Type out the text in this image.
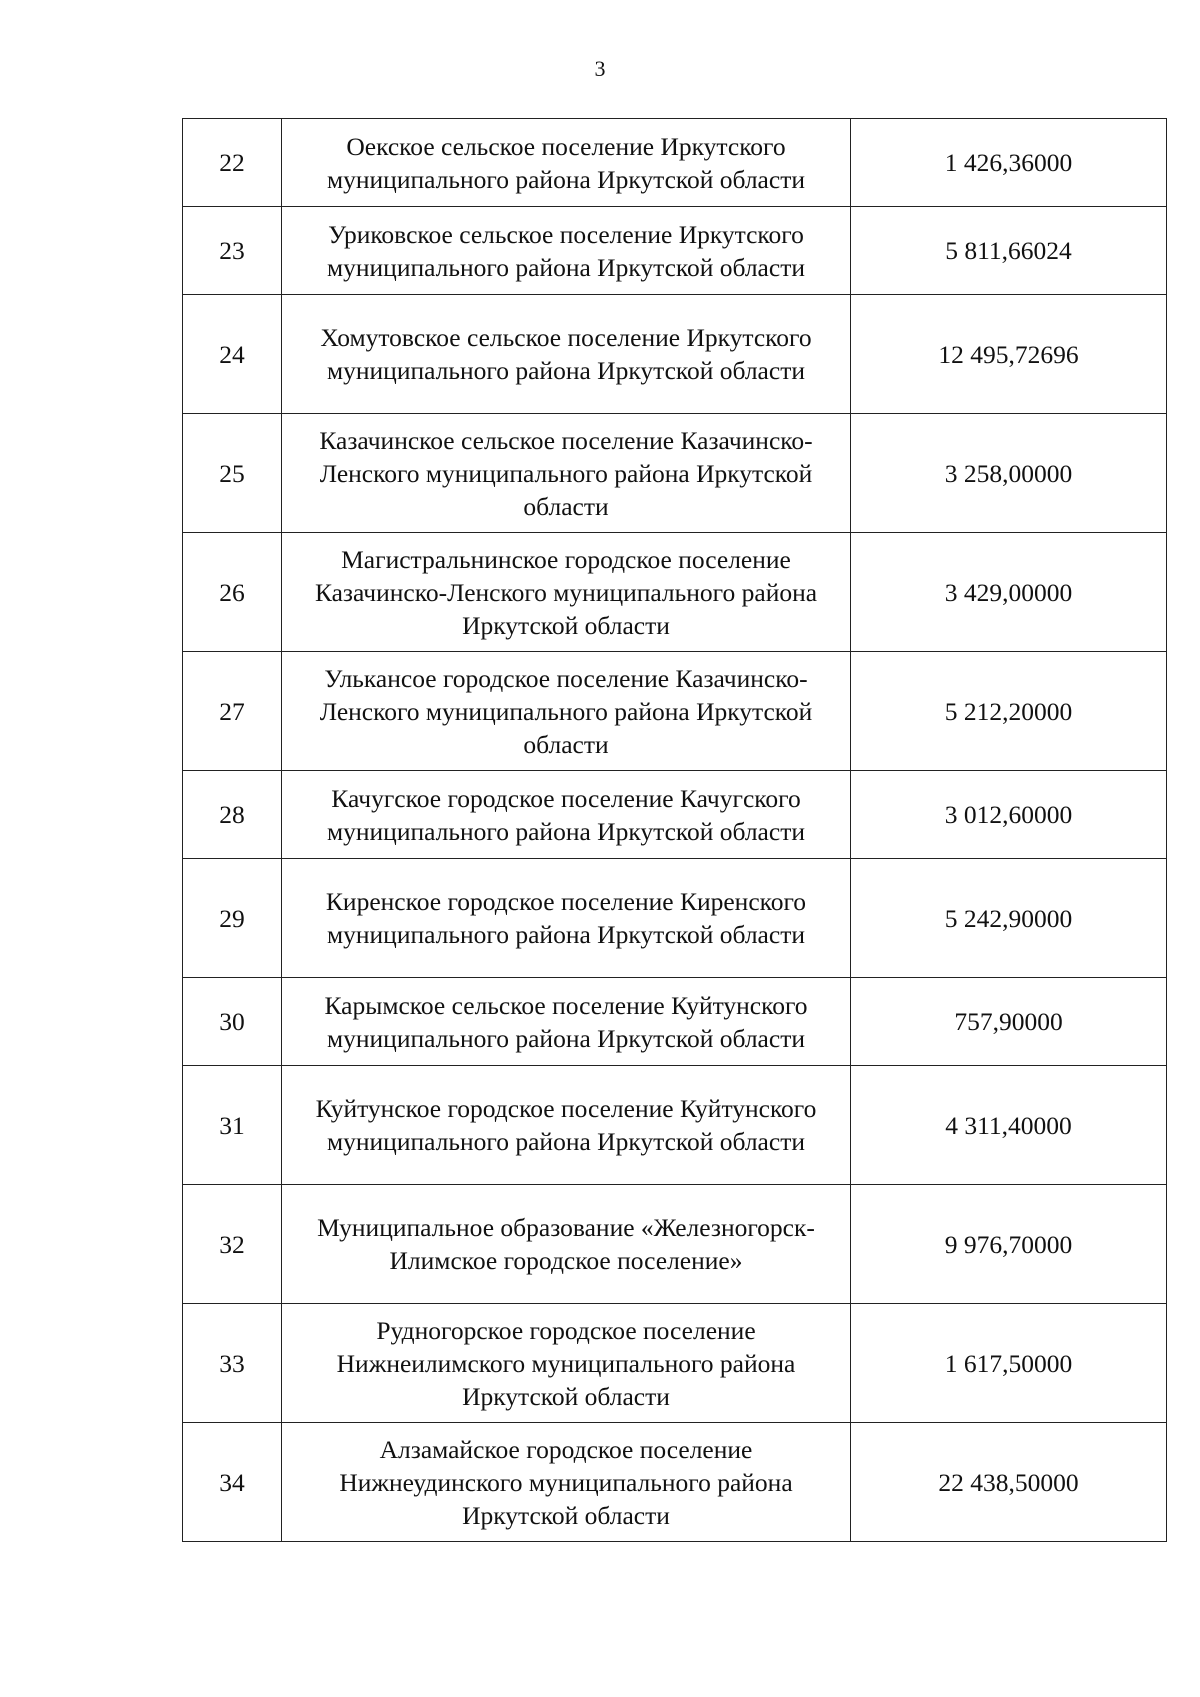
3
22	Оекское сельское поселение Иркутского муниципального района Иркутской области	1 426,36000
23	Уриковское сельское поселение Иркутского муниципального района Иркутской области	5 811,66024
24	Хомутовское сельское поселение Иркутского муниципального района Иркутской области	12 495,72696
25	Казачинское сельское поселение Казачинско-Ленского муниципального района Иркутской области	3 258,00000
26	Магистральнинское городское поселение Казачинско-Ленского муниципального района Иркутской области	3 429,00000
27	Улькансое городское поселение Казачинско-Ленского муниципального района Иркутской области	5 212,20000
28	Качугское городское поселение Качугского муниципального района Иркутской области	3 012,60000
29	Киренское городское поселение Киренского муниципального района Иркутской области	5 242,90000
30	Карымское сельское поселение Куйтунского муниципального района Иркутской области	757,90000
31	Куйтунское городское поселение Куйтунского муниципального района Иркутской области	4 311,40000
32	Муниципальное образование «Железногорск-Илимское городское поселение»	9 976,70000
33	Рудногорское городское поселение Нижнеилимского муниципального района Иркутской области	1 617,50000
34	Алзамайское городское поселение Нижнеудинского муниципального района Иркутской области	22 438,50000
